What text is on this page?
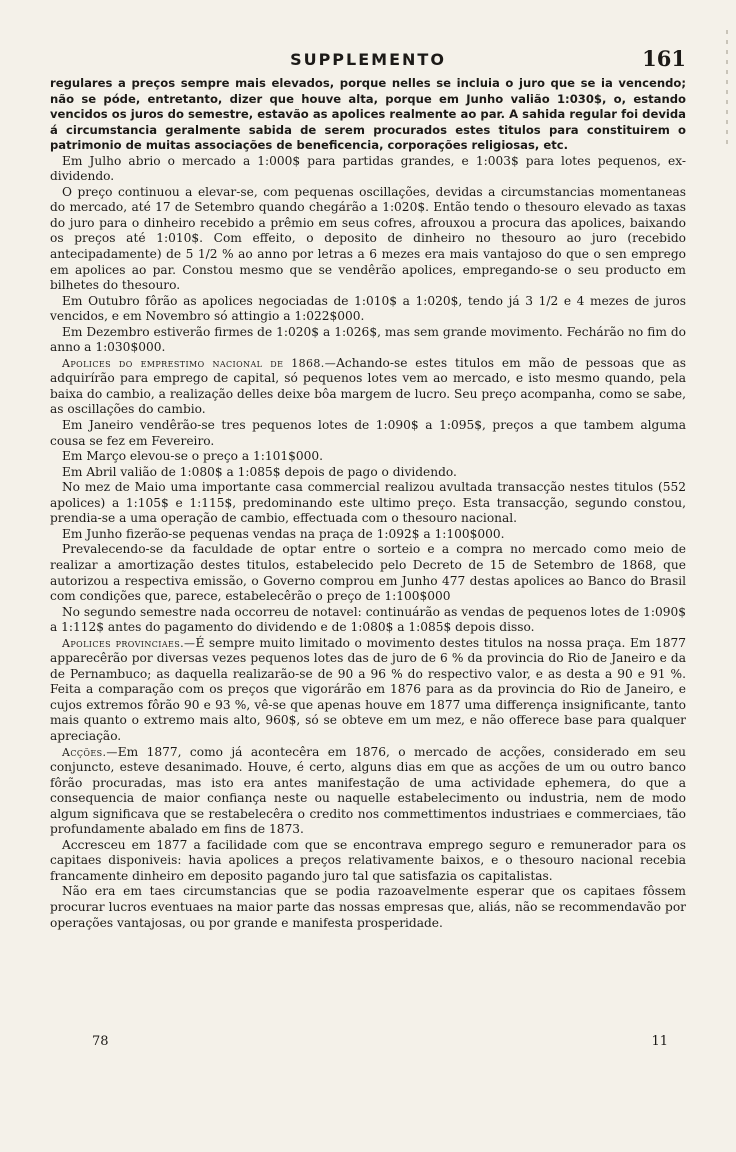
SUPPLEMENTO	161

regulares a preços sempre mais elevados, porque nelles se incluia o juro que se ia vencendo; não se póde, entretanto, dizer que houve alta, porque em Junho valião 1:030$, o, estando vencidos os juros do semestre, estavão as apolices realmente ao par. A sahida regular foi devida á circumstancia geralmente sabida de serem procurados estes titulos para constituirem o patrimonio de muitas associações de beneficencia, corporações religiosas, etc.

Em Julho abrio o mercado a 1:000$ para partidas grandes, e 1:003$ para lotes pequenos, ex-dividendo.

O preço continuou a elevar-se, com pequenas oscillações, devidas a circumstancias momentaneas do mercado, até 17 de Setembro quando chegárão a 1:020$. Então tendo o thesouro elevado as taxas do juro para o dinheiro recebido a prêmio em seus cofres, afrouxou a procura das apolices, baixando os preços até 1:010$. Com effeito, o deposito de dinheiro no thesouro ao juro (recebido antecipadamente) de 5 1/2 % ao anno por letras a 6 mezes era mais vantajoso do que o sen emprego em apolices ao par. Constou mesmo que se vendêrão apolices, empregando-se o seu producto em bilhetes do thesouro.

Em Outubro fôrão as apolices negociadas de 1:010$ a 1:020$, tendo já 3 1/2 e 4 mezes de juros vencidos, e em Novembro só attingio a 1:022$000.

Em Dezembro estiverão firmes de 1:020$ a 1:026$, mas sem grande movimento. Fechárão no fim do anno a 1:030$000.

Apolices do emprestimo nacional de 1868.—Achando-se estes titulos em mão de pessoas que as adquirírão para emprego de capital, só pequenos lotes vem ao mercado, e isto mesmo quando, pela baixa do cambio, a realização delles deixe bôa margem de lucro. Seu preço acompanha, como se sabe, as oscillações do cambio.

Em Janeiro vendêrão-se tres pequenos lotes de 1:090$ a 1:095$, preços a que tambem alguma cousa se fez em Fevereiro.

Em Março elevou-se o preço a 1:101$000.

Em Abril valião de 1:080$ a 1:085$ depois de pago o dividendo.

No mez de Maio uma importante casa commercial realizou avultada transacção nestes titulos (552 apolices) a 1:105$ e 1:115$, predominando este ultimo preço. Esta transacção, segundo constou, prendia-se a uma operação de cambio, effectuada com o thesouro nacional.

Em Junho fizerão-se pequenas vendas na praça de 1:092$ a 1:100$000.

Prevalecendo-se da faculdade de optar entre o sorteio e a compra no mercado como meio de realizar a amortização destes titulos, estabelecido pelo Decreto de 15 de Setembro de 1868, que autorizou a respectiva emissão, o Governo comprou em Junho 477 destas apolices ao Banco do Brasil com condições que, parece, estabelecêrão o preço de 1:100$000

No segundo semestre nada occorreu de notavel: continuárão as vendas de pequenos lotes de 1:090$ a 1:112$ antes do pagamento do dividendo e de 1:080$ a 1:085$ depois disso.

Apolices provinciaes.—É sempre muito limitado o movimento destes titulos na nossa praça. Em 1877 apparecêrão por diversas vezes pequenos lotes das de juro de 6 % da provincia do Rio de Janeiro e da de Pernambuco; as daquella realizarão-se de 90 a 96 % do respectivo valor, e as desta a 90 e 91 %. Feita a comparação com os preços que vigorárão em 1876 para as da provincia do Rio de Janeiro, e cujos extremos fôrão 90 e 93 %, vê-se que apenas houve em 1877 uma differença insignificante, tanto mais quanto o extremo mais alto, 960$, só se obteve em um mez, e não offerece base para qualquer apreciação.

Acções.—Em 1877, como já acontecêra em 1876, o mercado de acções, considerado em seu conjuncto, esteve desanimado. Houve, é certo, alguns dias em que as acções de um ou outro banco fôrão procuradas, mas isto era antes manifestação de uma actividade ephemera, do que a consequencia de maior confiança neste ou naquelle estabelecimento ou industria, nem de modo algum significava que se restabelecêra o credito nos commettimentos industriaes e commerciaes, tão profundamente abalado em fins de 1873.

Accresceu em 1877 a facilidade com que se encontrava emprego seguro e remunerador para os capitaes disponiveis: havia apolices a preços relativamente baixos, e o thesouro nacional recebia francamente dinheiro em deposito pagando juro tal que satisfazia os capitalistas.

Não era em taes circumstancias que se podia razoavelmente esperar que os capitaes fôssem procurar lucros eventuaes na maior parte das nossas empresas que, aliás, não se recommendavão por operações vantajosas, ou por grande e manifesta prosperidade.

78	11
